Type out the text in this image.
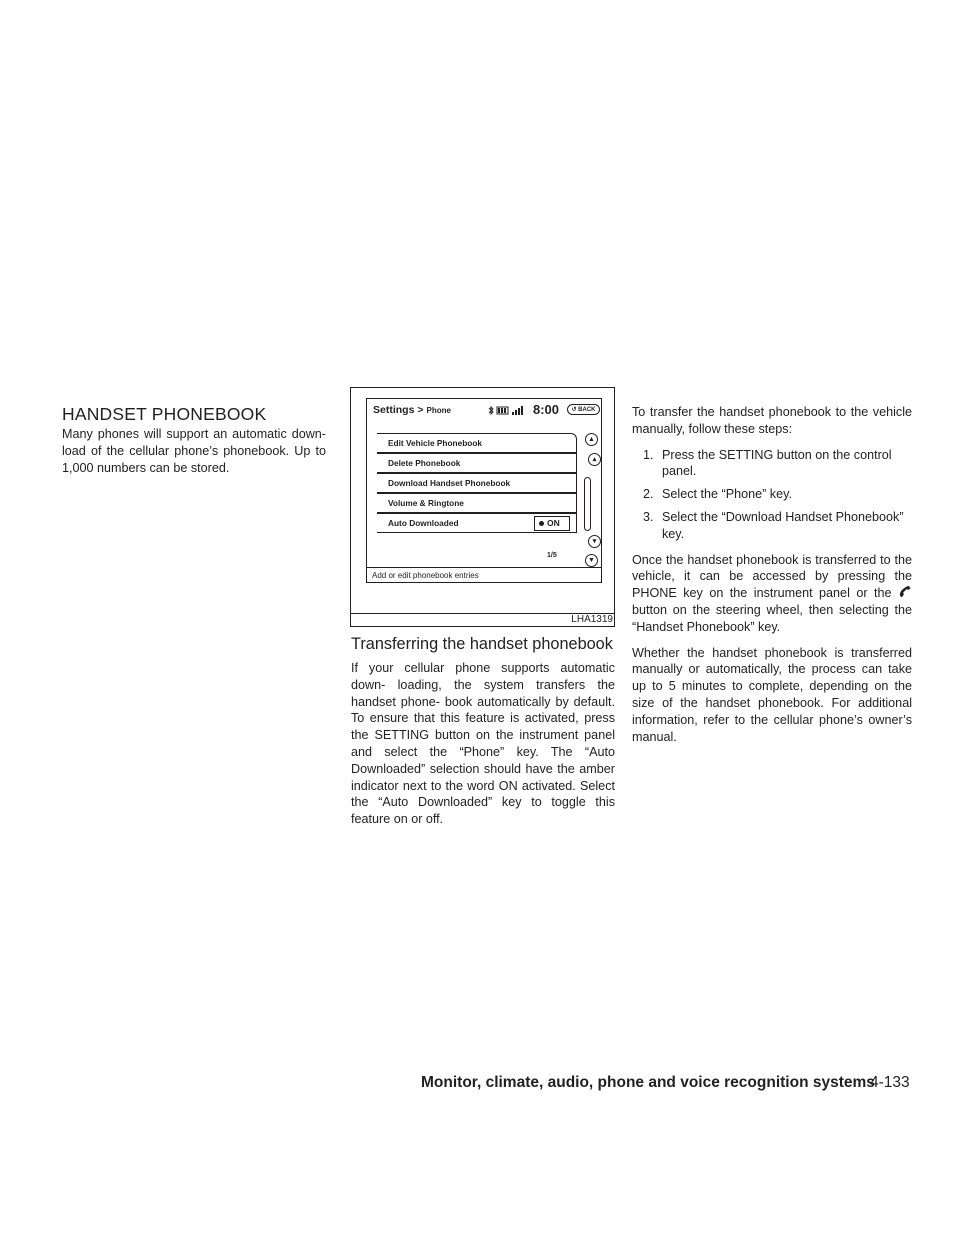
HANDSET PHONEBOOK

Many phones will support an automatic down- load of the cellular phone’s phonebook. Up to 1,000 numbers can be stored.

Settings > Phone	8:00	↺ BACK
Edit Vehicle Phonebook
Delete Phonebook
Download Handset Phonebook
Volume & Ringtone
Auto Downloaded	ON
▲
▴
▾
▼
1/5
Add or edit phonebook entries
LHA1319
Transferring the handset phonebook

If your cellular phone supports automatic down- loading, the system transfers the handset phone- book automatically by default. To ensure that this feature is activated, press the SETTING button on the instrument panel and select the “Phone” key. The “Auto Downloaded” selection should have the amber indicator next to the word ON activated. Select the “Auto Downloaded” key to toggle this feature on or off.

To transfer the handset phonebook to the vehicle manually, follow these steps:

1. Press the SETTING button on the control panel.
2. Select the “Phone” key.
3. Select the “Download Handset Phonebook” key.

Once the handset phonebook is transferred to the vehicle, it can be accessed by pressing the PHONE key on the instrument panel or the  button on the steering wheel, then selecting the “Handset Phonebook” key.

Whether the handset phonebook is transferred manually or automatically, the process can take up to 5 minutes to complete, depending on the size of the handset phonebook. For additional information, refer to the cellular phone’s owner’s manual.

Monitor, climate, audio, phone and voice recognition systems
4-133
